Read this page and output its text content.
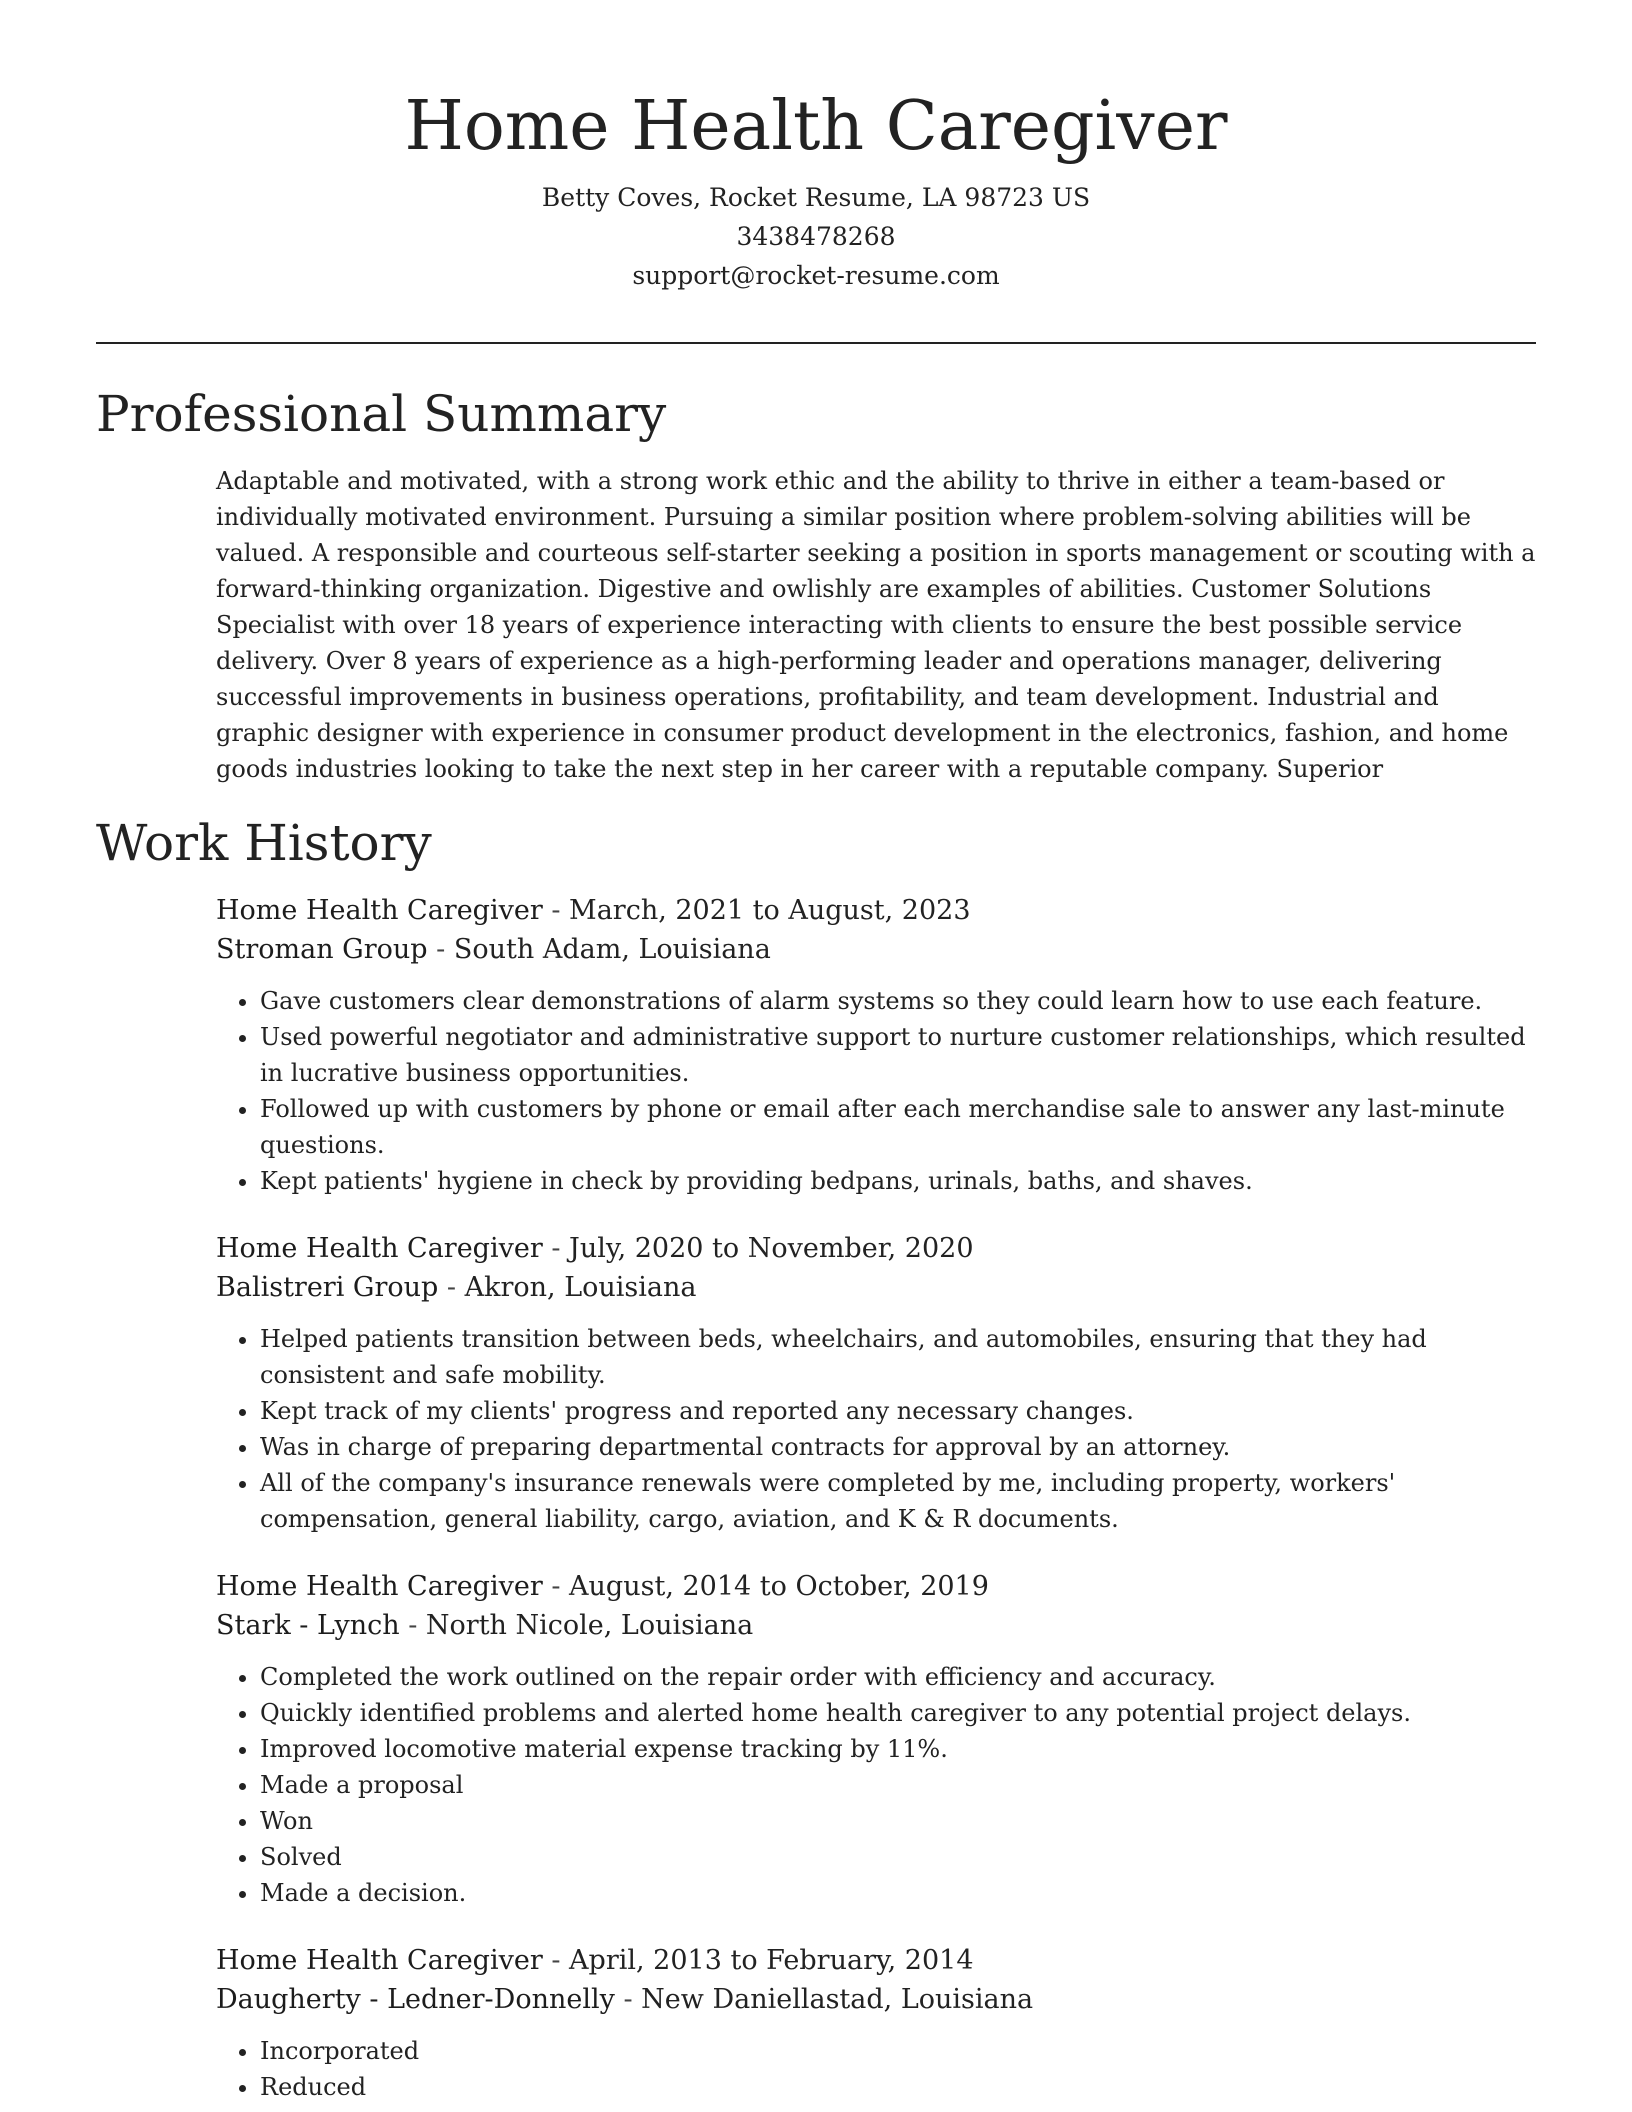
Home Health Caregiver

Betty Coves, Rocket Resume, LA 98723 US

3438478268

support@rocket-resume.com

Professional Summary

Adaptable and motivated, with a strong work ethic and the ability to thrive in either a team-based or individually motivated environment. Pursuing a similar position where problem-solving abilities will be valued. A responsible and courteous self-starter seeking a position in sports management or scouting with a forward-thinking organization. Digestive and owlishly are examples of abilities. Customer Solutions Specialist with over 18 years of experience interacting with clients to ensure the best possible service delivery. Over 8 years of experience as a high-performing leader and operations manager, delivering successful improvements in business operations, profitability, and team development. Industrial and graphic designer with experience in consumer product development in the electronics, fashion, and home goods industries looking to take the next step in her career with a reputable company. Superior

Work History

Home Health Caregiver - March, 2021 to August, 2023

Stroman Group - South Adam, Louisiana

• Gave customers clear demonstrations of alarm systems so they could learn how to use each feature.
• Used powerful negotiator and administrative support to nurture customer relationships, which resulted in lucrative business opportunities.
• Followed up with customers by phone or email after each merchandise sale to answer any last-minute questions.
• Kept patients' hygiene in check by providing bedpans, urinals, baths, and shaves.

Home Health Caregiver - July, 2020 to November, 2020

Balistreri Group - Akron, Louisiana

• Helped patients transition between beds, wheelchairs, and automobiles, ensuring that they had consistent and safe mobility.
• Kept track of my clients' progress and reported any necessary changes.
• Was in charge of preparing departmental contracts for approval by an attorney.
• All of the company's insurance renewals were completed by me, including property, workers' compensation, general liability, cargo, aviation, and K & R documents.

Home Health Caregiver - August, 2014 to October, 2019

Stark - Lynch - North Nicole, Louisiana

• Completed the work outlined on the repair order with efficiency and accuracy.
• Quickly identified problems and alerted home health caregiver to any potential project delays.
• Improved locomotive material expense tracking by 11%.
• Made a proposal
• Won
• Solved
• Made a decision.

Home Health Caregiver - April, 2013 to February, 2014

Daugherty - Ledner-Donnelly - New Daniellastad, Louisiana

• Incorporated
• Reduced
